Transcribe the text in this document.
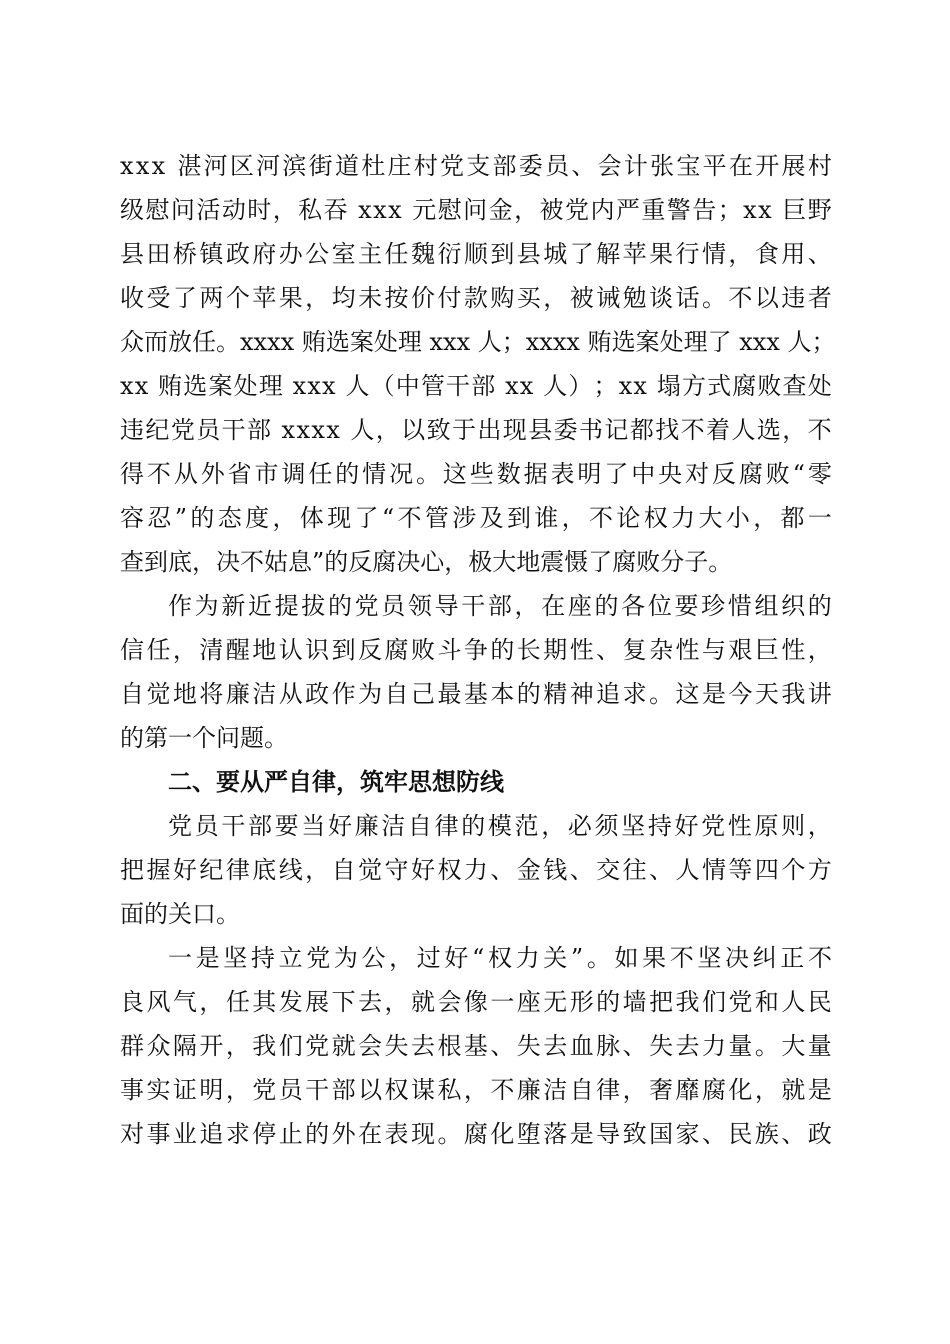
x x x
湛 河 区 河 滨 街 道 杜 庄 村 党 支 部 委 员 、 会 计 张 宝 平 在 开 展 村
级 慰 问 活 动 时 ， 私 吞
x x x
元 慰 问 金 ， 被 党 内 严 重 警 告 ； x x
巨 野
县 田 桥 镇 政 府 办 公 室 主 任 魏 衍 顺 到 县 城 了 解 苹 果 行 情 ， 食 用 、
收 受 了 两 个 苹 果 ， 均 未 按 价 付 款 购 买 ， 被 诫 勉 谈 话 。 不 以 违 者
众 而 放 任 。 x x x x
贿 选 案 处 理
x x x
人 ； x x x x
贿 选 案 处 理 了
x x x
人 ；
x x
贿 选 案 处 理
x x x
人 （ 中 管 干 部
x x
人 ） ； x x
塌 方 式 腐 败 查 处
违 纪 党 员 干 部
x x x x
人 ， 以 致 于 出 现 县 委 书 记 都 找 不 着 人 选 ， 不
得 不 从 外 省 市 调 任 的 情 况 。 这 些 数 据 表 明 了 中 央 对 反 腐 败 “ 零
容 忍 ” 的 态 度 ， 体 现 了 “ 不 管 涉 及 到 谁 ， 不 论 权 力 大 小 ， 都 一
查到底，决不姑息”的反腐决心，极大地震慑了腐败分子。
作 为 新 近 提 拔 的 党 员 领 导 干 部 ， 在 座 的 各 位 要 珍 惜 组 织 的
信 任 ， 清 醒 地 认 识 到 反 腐 败 斗 争 的 长 期 性 、 复 杂 性 与 艰 巨 性 ，
自 觉 地 将 廉 洁 从 政 作 为 自 己 最 基 本 的 精 神 追 求 。 这 是 今 天 我 讲
的第一个问题。
二、要从严自律，筑牢思想防线
党 员 干 部 要 当 好 廉 洁 自 律 的 模 范 ， 必 须 坚 持 好 党 性 原 则 ，
把 握 好 纪 律 底 线 ， 自 觉 守 好 权 力 、 金 钱 、 交 往 、 人 情 等 四 个 方
面的关口。
一 是 坚 持 立 党 为 公 ， 过 好 “ 权 力 关 ” 。 如 果 不 坚 决 纠 正 不
良 风 气 ， 任 其 发 展 下 去 ， 就 会 像 一 座 无 形 的 墙 把 我 们 党 和 人 民
群 众 隔 开 ， 我 们 党 就 会 失 去 根 基 、 失 去 血 脉 、 失 去 力 量 。 大 量
事 实 证 明 ， 党 员 干 部 以 权 谋 私 ， 不 廉 洁 自 律 ， 奢 靡 腐 化 ， 就 是
对 事 业 追 求 停 止 的 外 在 表 现 。 腐 化 堕 落 是 导 致 国 家 、 民 族 、 政
